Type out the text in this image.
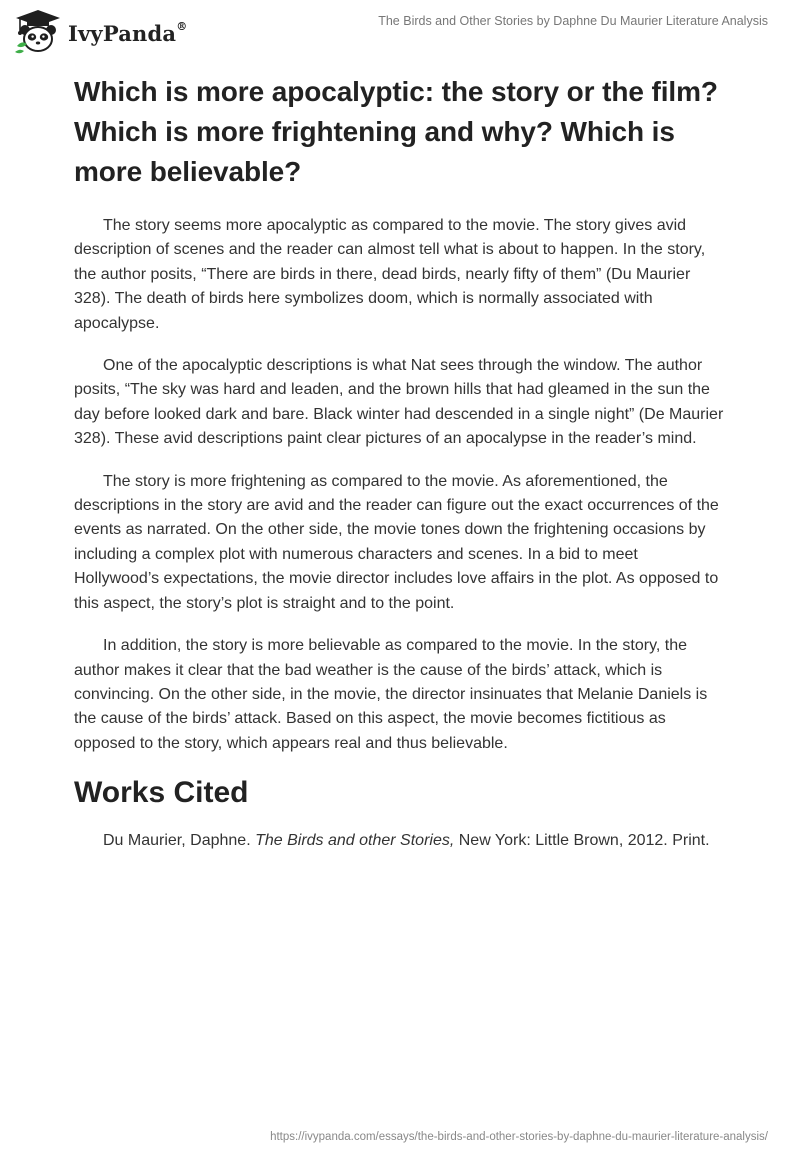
IvyPanda®	The Birds and Other Stories by Daphne Du Maurier Literature Analysis
Which is more apocalyptic: the story or the film? Which is more frightening and why? Which is more believable?

The story seems more apocalyptic as compared to the movie. The story gives avid description of scenes and the reader can almost tell what is about to happen. In the story, the author posits, “There are birds in there, dead birds, nearly fifty of them” (Du Maurier 328). The death of birds here symbolizes doom, which is normally associated with apocalypse.

One of the apocalyptic descriptions is what Nat sees through the window. The author posits, “The sky was hard and leaden, and the brown hills that had gleamed in the sun the day before looked dark and bare. Black winter had descended in a single night” (De Maurier 328). These avid descriptions paint clear pictures of an apocalypse in the reader’s mind.

The story is more frightening as compared to the movie. As aforementioned, the descriptions in the story are avid and the reader can figure out the exact occurrences of the events as narrated. On the other side, the movie tones down the frightening occasions by including a complex plot with numerous characters and scenes. In a bid to meet Hollywood’s expectations, the movie director includes love affairs in the plot. As opposed to this aspect, the story’s plot is straight and to the point.

In addition, the story is more believable as compared to the movie. In the story, the author makes it clear that the bad weather is the cause of the birds’ attack, which is convincing. On the other side, in the movie, the director insinuates that Melanie Daniels is the cause of the birds’ attack. Based on this aspect, the movie becomes fictitious as opposed to the story, which appears real and thus believable.

Works Cited

Du Maurier, Daphne. The Birds and other Stories, New York: Little Brown, 2012. Print.

https://ivypanda.com/essays/the-birds-and-other-stories-by-daphne-du-maurier-literature-analysis/
